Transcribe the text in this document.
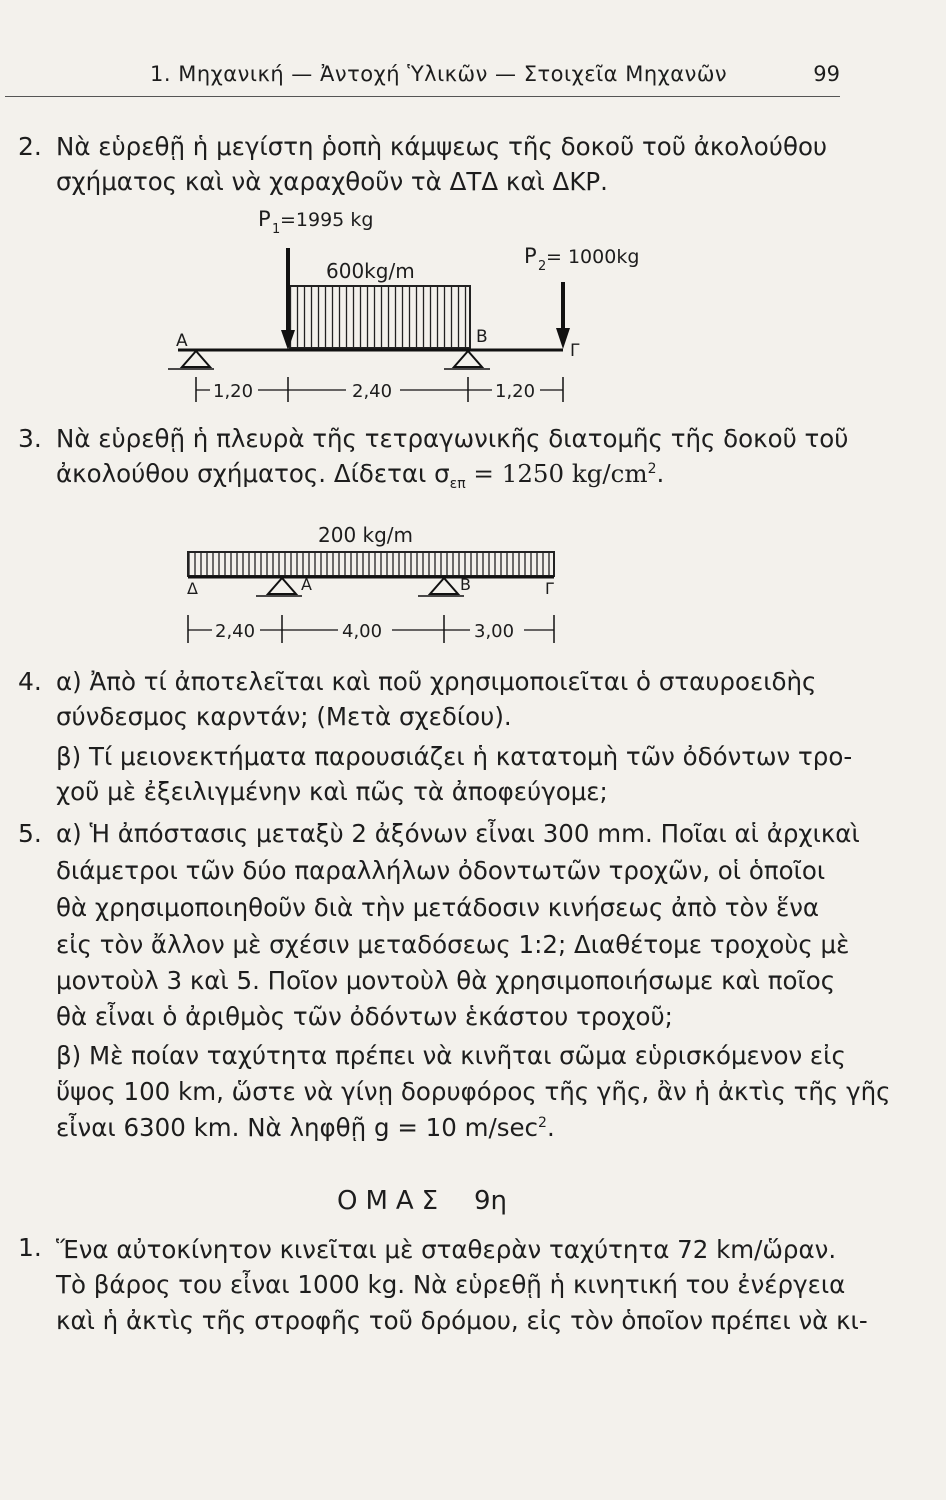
1. Μηχανική — Ἀντοχή Ὑλικῶν — Στοιχεῖα Μηχανῶν	99
2. Νὰ εὑρεθῇ ἡ μεγίστη ῥοπὴ κάμψεως τῆς δοκοῦ τοῦ ἀκολούθου
σχήματος καὶ νὰ χαραχθοῦν τὰ ΔΤΔ καὶ ΔΚΡ.
P 1 =1995 kg
600kg/m
P 2 = 1000kg
A	B
Γ
1,20	2,40	1,20
3. Νὰ εὑρεθῇ ἡ πλευρὰ τῆς τετραγωνικῆς διατομῆς τῆς δοκοῦ τοῦ
ἀκολούθου σχήματος. Δίδεται $\sigma_{\varepsilon\pi} = 1250$ $kg/cm^2$.
200 kg/m
Δ	A	B	Γ
2,40	4,00	3,00
4. α) Ἀπὸ τί ἀποτελεῖται καὶ ποῦ χρησιμοποιεῖται ὁ σταυροειδὴς
σύνδεσμος καρντάν; (Μετὰ σχεδίου).
β) Τί μειονεκτήματα παρουσιάζει ἡ κατατομὴ τῶν ὀδόντων τρο-
χοῦ μὲ ἐξειλιγμένην καὶ πῶς τὰ ἀποφεύγομε;
5. α) Ἡ ἀπόστασις μεταξὺ 2 ἀξόνων εἶναι 300 mm. Ποῖαι αἱ ἀρχικαὶ
διάμετροι τῶν δύο παραλλήλων ὀδοντωτῶν τροχῶν, οἱ ὁποῖοι
θὰ χρησιμοποιηθοῦν διὰ τὴν μετάδοσιν κινήσεως ἀπὸ τὸν ἕνα
εἰς τὸν ἄλλον μὲ σχέσιν μεταδόσεως 1:2; Διαθέτομε τροχοὺς μὲ
μοντοὺλ 3 καὶ 5. Ποῖον μοντοὺλ θὰ χρησιμοποιήσωμε καὶ ποῖος
θὰ εἶναι ὁ ἀριθμὸς τῶν ὀδόντων ἑκάστου τροχοῦ;
β) Μὲ ποίαν ταχύτητα πρέπει νὰ κινῆται σῶμα εὑρισκόμενον εἰς
ὕψος 100 km, ὥστε νὰ γίνῃ δορυφόρος τῆς γῆς, ἂν ἡ ἀκτὶς τῆς γῆς
εἶναι 6300 km. Νὰ ληφθῇ g = 10 $m/\sec^2$.
ΟΜΑΣ 9η
1. Ἕνα αὐτοκίνητον κινεῖται μὲ σταθερὰν ταχύτητα 72 km/ὥραν.
Τὸ βάρος του εἶναι 1000 kg. Νὰ εὑρεθῇ ἡ κινητική του ἐνέργεια
καὶ ἡ ἀκτὶς τῆς στροφῆς τοῦ δρόμου, εἰς τὸν ὁποῖον πρέπει νὰ κι-
